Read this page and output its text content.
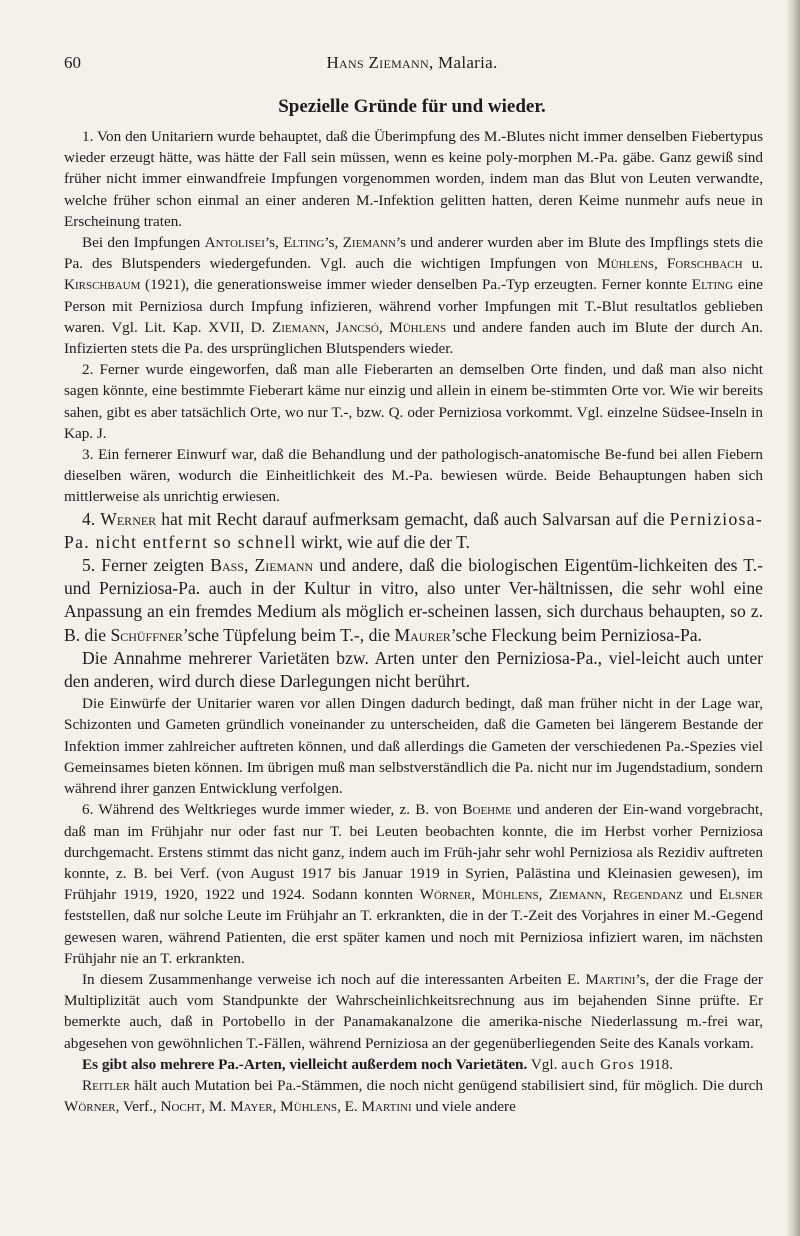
60	Hans Ziemann, Malaria.
Spezielle Gründe für und wieder.

1. Von den Unitariern wurde behauptet, daß die Überimpfung des M.-Blutes nicht immer denselben Fiebertypus wieder erzeugt hätte, was hätte der Fall sein müssen, wenn es keine poly-morphen M.-Pa. gäbe. Ganz gewiß sind früher nicht immer einwandfreie Impfungen vorgenommen worden, indem man das Blut von Leuten verwandte, welche früher schon einmal an einer anderen M.-Infektion gelitten hatten, deren Keime nunmehr aufs neue in Erscheinung traten.

Bei den Impfungen Antolisei’s, Elting’s, Ziemann’s und anderer wurden aber im Blute des Impflings stets die Pa. des Blutspenders wiedergefunden. Vgl. auch die wichtigen Impfungen von Mühlens, Forschbach u. Kirschbaum (1921), die generationsweise immer wieder denselben Pa.-Typ erzeugten. Ferner konnte Elting eine Person mit Perniziosa durch Impfung infizieren, während vorher Impfungen mit T.-Blut resultatlos geblieben waren. Vgl. Lit. Kap. XVII, D. Ziemann, Jancsó, Mühlens und andere fanden auch im Blute der durch An. Infizierten stets die Pa. des ursprünglichen Blutspenders wieder.

2. Ferner wurde eingeworfen, daß man alle Fieberarten an demselben Orte finden, und daß man also nicht sagen könnte, eine bestimmte Fieberart käme nur einzig und allein in einem be-stimmten Orte vor. Wie wir bereits sahen, gibt es aber tatsächlich Orte, wo nur T.-, bzw. Q. oder Perniziosa vorkommt. Vgl. einzelne Südsee-Inseln in Kap. J.

3. Ein fernerer Einwurf war, daß die Behandlung und der pathologisch-anatomische Be-fund bei allen Fiebern dieselben wären, wodurch die Einheitlichkeit des M.-Pa. bewiesen würde. Beide Behauptungen haben sich mittlerweise als unrichtig erwiesen.

4. Werner hat mit Recht darauf aufmerksam gemacht, daß auch Salvarsan auf die Perniziosa-Pa. nicht entfernt so schnell wirkt, wie auf die der T.

5. Ferner zeigten Bass, Ziemann und andere, daß die biologischen Eigentüm-lichkeiten des T.- und Perniziosa-Pa. auch in der Kultur in vitro, also unter Ver-hältnissen, die sehr wohl eine Anpassung an ein fremdes Medium als möglich er-scheinen lassen, sich durchaus behaupten, so z. B. die Schüffner’sche Tüpfelung beim T.-, die Maurer’sche Fleckung beim Perniziosa-Pa.

Die Annahme mehrerer Varietäten bzw. Arten unter den Perniziosa-Pa., viel-leicht auch unter den anderen, wird durch diese Darlegungen nicht berührt.

Die Einwürfe der Unitarier waren vor allen Dingen dadurch bedingt, daß man früher nicht in der Lage war, Schizonten und Gameten gründlich voneinander zu unterscheiden, daß die Gameten bei längerem Bestande der Infektion immer zahlreicher auftreten können, und daß allerdings die Gameten der verschiedenen Pa.-Spezies viel Gemeinsames bieten können. Im übrigen muß man selbstverständlich die Pa. nicht nur im Jugendstadium, sondern während ihrer ganzen Entwicklung verfolgen.

6. Während des Weltkrieges wurde immer wieder, z. B. von Boehme und anderen der Ein-wand vorgebracht, daß man im Frühjahr nur oder fast nur T. bei Leuten beobachten konnte, die im Herbst vorher Perniziosa durchgemacht. Erstens stimmt das nicht ganz, indem auch im Früh-jahr sehr wohl Perniziosa als Rezidiv auftreten konnte, z. B. bei Verf. (von August 1917 bis Januar 1919 in Syrien, Palästina und Kleinasien gewesen), im Frühjahr 1919, 1920, 1922 und 1924. Sodann konnten Wörner, Mühlens, Ziemann, Regendanz und Elsner feststellen, daß nur solche Leute im Frühjahr an T. erkrankten, die in der T.-Zeit des Vorjahres in einer M.-Gegend gewesen waren, während Patienten, die erst später kamen und noch mit Perniziosa infiziert waren, im nächsten Frühjahr nie an T. erkrankten.

In diesem Zusammenhange verweise ich noch auf die interessanten Arbeiten E. Martini’s, der die Frage der Multiplizität auch vom Standpunkte der Wahrscheinlichkeitsrechnung aus im bejahenden Sinne prüfte. Er bemerkte auch, daß in Portobello in der Panamakanalzone die amerika-nische Niederlassung m.-frei war, abgesehen von gewöhnlichen T.-Fällen, während Perniziosa an der gegenüberliegenden Seite des Kanals vorkam.

Es gibt also mehrere Pa.-Arten, vielleicht außerdem noch Varietäten. Vgl. auch Gros 1918.

Reitler hält auch Mutation bei Pa.-Stämmen, die noch nicht genügend stabilisiert sind, für möglich. Die durch Wörner, Verf., Nocht, M. Mayer, Mühlens, E. Martini und viele andere
